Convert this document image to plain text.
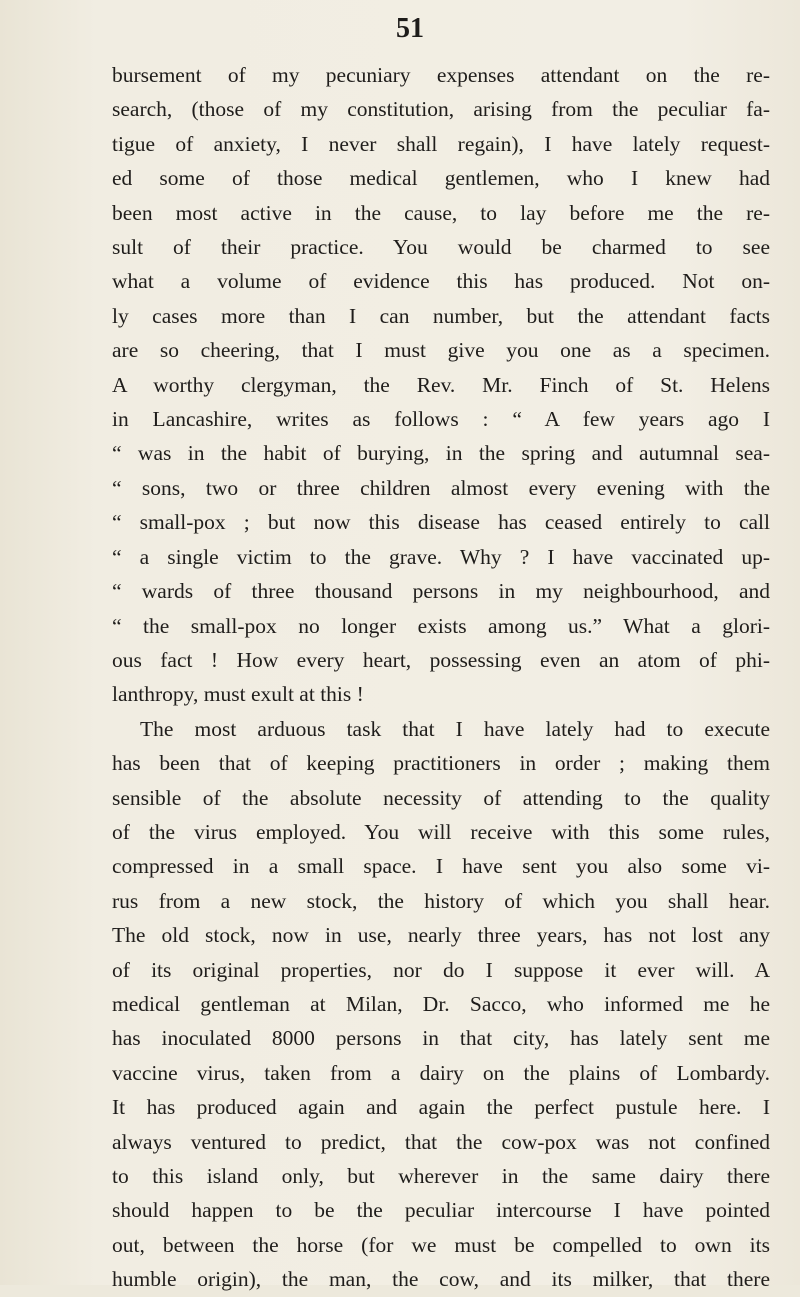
51
bursement of my pecuniary expenses attendant on the re-
search, (those of my constitution, arising from the peculiar fa-
tigue of anxiety, I never shall regain), I have lately request-
ed some of those medical gentlemen, who I knew had
been most active in the cause, to lay before me the re-
sult of their practice. You would be charmed to see
what a volume of evidence this has produced. Not on-
ly cases more than I can number, but the attendant facts
are so cheering, that I must give you one as a specimen.
A worthy clergyman, the Rev. Mr. Finch of St. Helens
in Lancashire, writes as follows : “ A few years ago I
“ was in the habit of burying, in the spring and autumnal sea-
“ sons, two or three children almost every evening with the
“ small-pox ; but now this disease has ceased entirely to call
“ a single victim to the grave. Why ? I have vaccinated up-
“ wards of three thousand persons in my neighbourhood, and
“ the small-pox no longer exists among us.” What a glori-
ous fact ! How every heart, possessing even an atom of phi-
lanthropy, must exult at this !
The most arduous task that I have lately had to execute
has been that of keeping practitioners in order ; making them
sensible of the absolute necessity of attending to the quality
of the virus employed. You will receive with this some rules,
compressed in a small space. I have sent you also some vi-
rus from a new stock, the history of which you shall hear.
The old stock, now in use, nearly three years, has not lost any
of its original properties, nor do I suppose it ever will. A
medical gentleman at Milan, Dr. Sacco, who informed me he
has inoculated 8000 persons in that city, has lately sent me
vaccine virus, taken from a dairy on the plains of Lombardy.
It has produced again and again the perfect pustule here. I
always ventured to predict, that the cow-pox was not confined
to this island only, but wherever in the same dairy there
should happen to be the peculiar intercourse I have pointed
out, between the horse (for we must be compelled to own its
humble origin), the man, the cow, and its milker, that there
